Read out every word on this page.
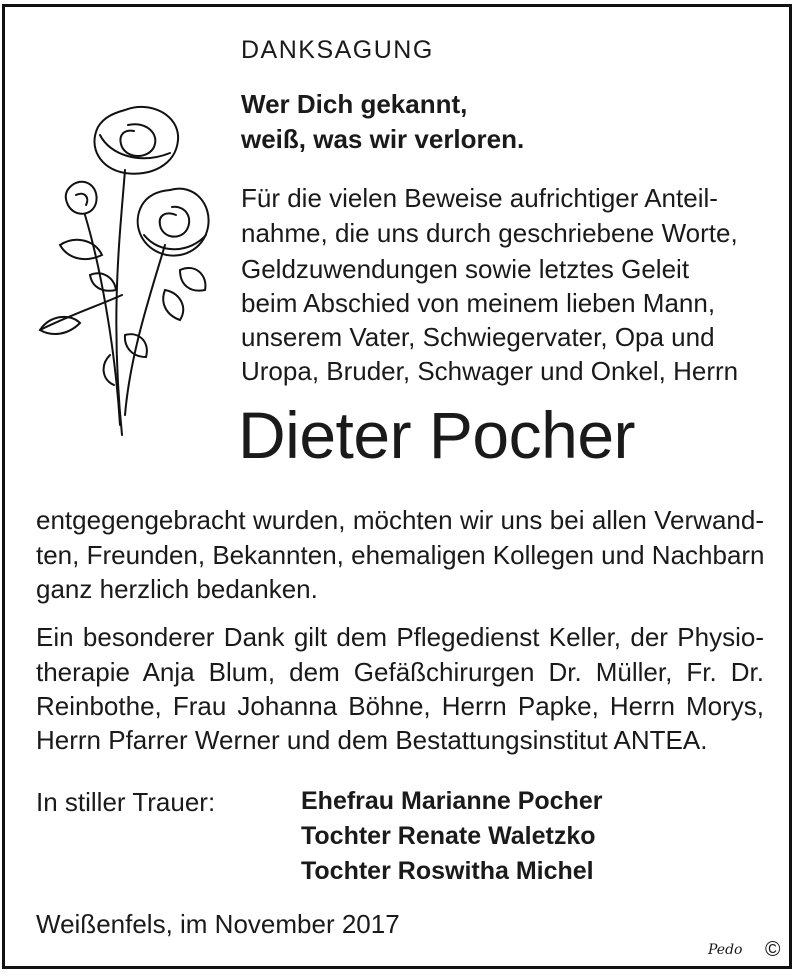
DANKSAGUNG
Wer Dich gekannt,
weiß, was wir verloren.
Für die vielen Beweise aufrichtiger Anteil-
nahme, die uns durch geschriebene Worte,
Geldzuwendungen sowie letztes Geleit
beim Abschied von meinem lieben Mann,
unserem Vater, Schwiegervater, Opa und
Uropa, Bruder, Schwager und Onkel, Herrn
Dieter Pocher
entgegengebracht wurden, möchten wir uns bei allen Verwand-
ten, Freunden, Bekannten, ehemaligen Kollegen und Nachbarn
ganz herzlich bedanken.
Ein besonderer Dank gilt dem Pflegedienst Keller, der Physio-
therapie Anja Blum, dem Gefäßchirurgen Dr. Müller, Fr. Dr.
Reinbothe, Frau Johanna Böhne, Herrn Papke, Herrn Morys,
Herrn Pfarrer Werner und dem Bestattungsinstitut ANTEA.
In stiller Trauer:	Ehefrau Marianne Pocher
Tochter Renate Waletzko
Tochter Roswitha Michel
Weißenfels, im November 2017
Pedo ©
